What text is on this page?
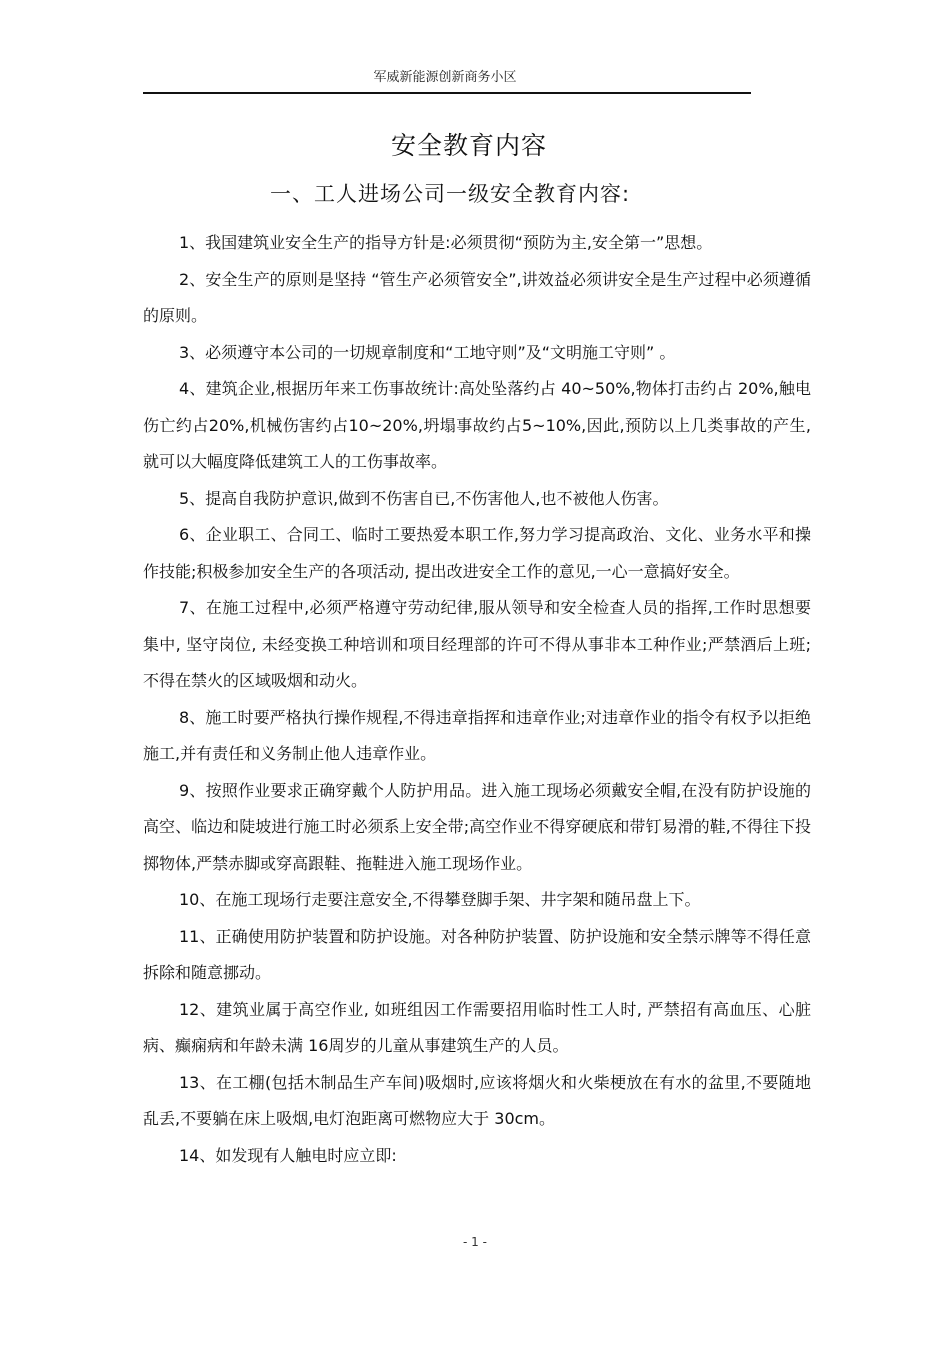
军威新能源创新商务小区
安全教育内容
一、工人进场公司一级安全教育内容:

1、我国建筑业安全生产的指导方针是:必须贯彻“预防为主,安全第一”思想。

2、安全生产的原则是坚持 “管生产必须管安全”,讲效益必须讲安全是生产过程中必须遵循的原则。

3、必须遵守本公司的一切规章制度和“工地守则”及“文明施工守则” 。

4、建筑企业,根据历年来工伤事故统计:高处坠落约占 40~50%,物体打击约占 20%,触电伤亡约占20%,机械伤害约占10~20%,坍塌事故约占5~10%,因此,预防以上几类事故的产生,就可以大幅度降低建筑工人的工伤事故率。

5、提高自我防护意识,做到不伤害自已,不伤害他人,也不被他人伤害。

6、企业职工、合同工、临时工要热爱本职工作,努力学习提高政治、文化、业务水平和操作技能;积极参加安全生产的各项活动, 提出改进安全工作的意见,一心一意搞好安全。

7、在施工过程中,必须严格遵守劳动纪律,服从领导和安全检查人员的指挥,工作时思想要集中, 坚守岗位, 未经变换工种培训和项目经理部的许可不得从事非本工种作业;严禁酒后上班;不得在禁火的区域吸烟和动火。

8、施工时要严格执行操作规程,不得违章指挥和违章作业;对违章作业的指令有权予以拒绝施工,并有责任和义务制止他人违章作业。

9、按照作业要求正确穿戴个人防护用品。进入施工现场必须戴安全帽,在没有防护设施的高空、临边和陡坡进行施工时必须系上安全带;高空作业不得穿硬底和带钉易滑的鞋,不得往下投掷物体,严禁赤脚或穿高跟鞋、拖鞋进入施工现场作业。

10、在施工现场行走要注意安全,不得攀登脚手架、井字架和随吊盘上下。

11、正确使用防护装置和防护设施。对各种防护装置、防护设施和安全禁示牌等不得任意拆除和随意挪动。

12、建筑业属于高空作业, 如班组因工作需要招用临时性工人时, 严禁招有高血压、心脏病、癫痫病和年龄未满 16周岁的儿童从事建筑生产的人员。

13、在工棚(包括木制品生产车间)吸烟时,应该将烟火和火柴梗放在有水的盆里,不要随地乱丢,不要躺在床上吸烟,电灯泡距离可燃物应大于 30cm。

14、如发现有人触电时应立即:

- 1 -
